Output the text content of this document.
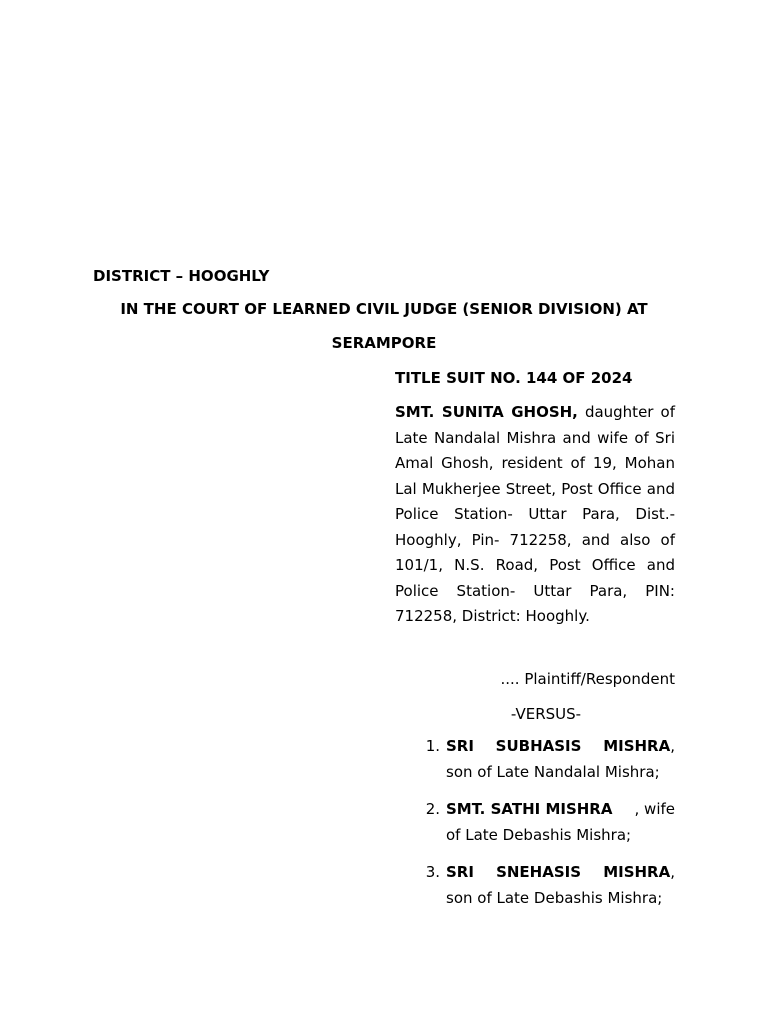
DISTRICT – HOOGHLY
IN THE COURT OF LEARNED CIVIL JUDGE (SENIOR DIVISION) AT
SERAMPORE
TITLE SUIT NO. 144 OF 2024
SMT. SUNITA GHOSH, daughter of Late Nandalal Mishra and wife of Sri Amal Ghosh, resident of 19, Mohan Lal Mukherjee Street, Post Office and Police Station- Uttar Para, Dist.- Hooghly, Pin- 712258, and also of 101/1, N.S. Road, Post Office and Police Station- Uttar Para, PIN: 712258, District: Hooghly.
.... Plaintiff/Respondent
-VERSUS-
1. SRI SUBHASIS MISHRA,
son of Late Nandalal Mishra;
2. SMT. SATHI MISHRA , wife
of Late Debashis Mishra;
3. SRI SNEHASIS MISHRA,
son of Late Debashis Mishra;
